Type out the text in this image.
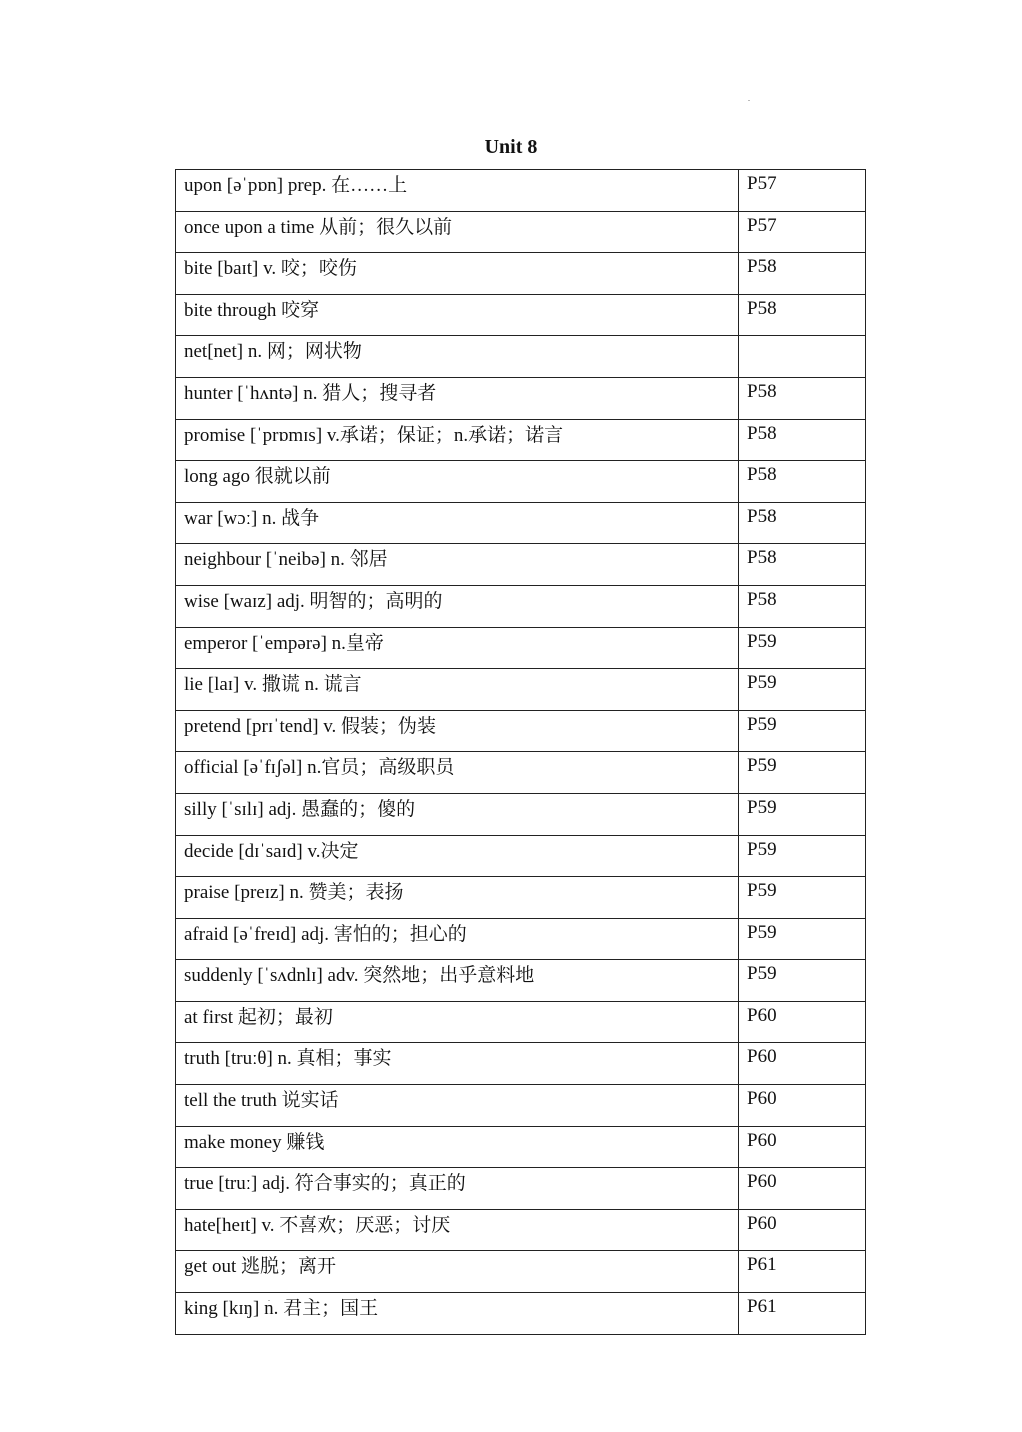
Unit 8
upon [əˈpɒn] prep. 在……上	P57
once upon a time 从前；很久以前	P57
bite [baɪt] v. 咬；咬伤	P58
bite through 咬穿	P58
net[net] n. 网；网状物	
hunter [ˈhʌntə] n. 猎人；搜寻者	P58
promise [ˈprɒmɪs] v.承诺；保证；n.承诺；诺言	P58
long ago 很就以前	P58
war [wɔː] n. 战争	P58
neighbour [ˈneibə] n. 邻居	P58
wise [waɪz] adj. 明智的；高明的	P58
emperor [ˈempərə] n.皇帝	P59
lie [laɪ] v. 撒谎 n. 谎言	P59
pretend [prɪˈtend] v. 假装；伪装	P59
official [əˈfɪʃəl] n.官员；高级职员	P59
silly [ˈsɪlɪ] adj. 愚蠢的；傻的	P59
decide [dɪˈsaɪd] v.决定	P59
praise [preɪz] n. 赞美；表扬	P59
afraid [əˈfreɪd] adj. 害怕的；担心的	P59
suddenly [ˈsʌdnlɪ] adv. 突然地；出乎意料地	P59
at first 起初；最初	P60
truth [truːθ] n. 真相；事实	P60
tell the truth 说实话	P60
make money 赚钱	P60
true [truː] adj. 符合事实的；真正的	P60
hate[heɪt] v. 不喜欢；厌恶；讨厌	P60
get out 逃脱；离开	P61
king [kɪŋ] n. 君主；国王	P61
